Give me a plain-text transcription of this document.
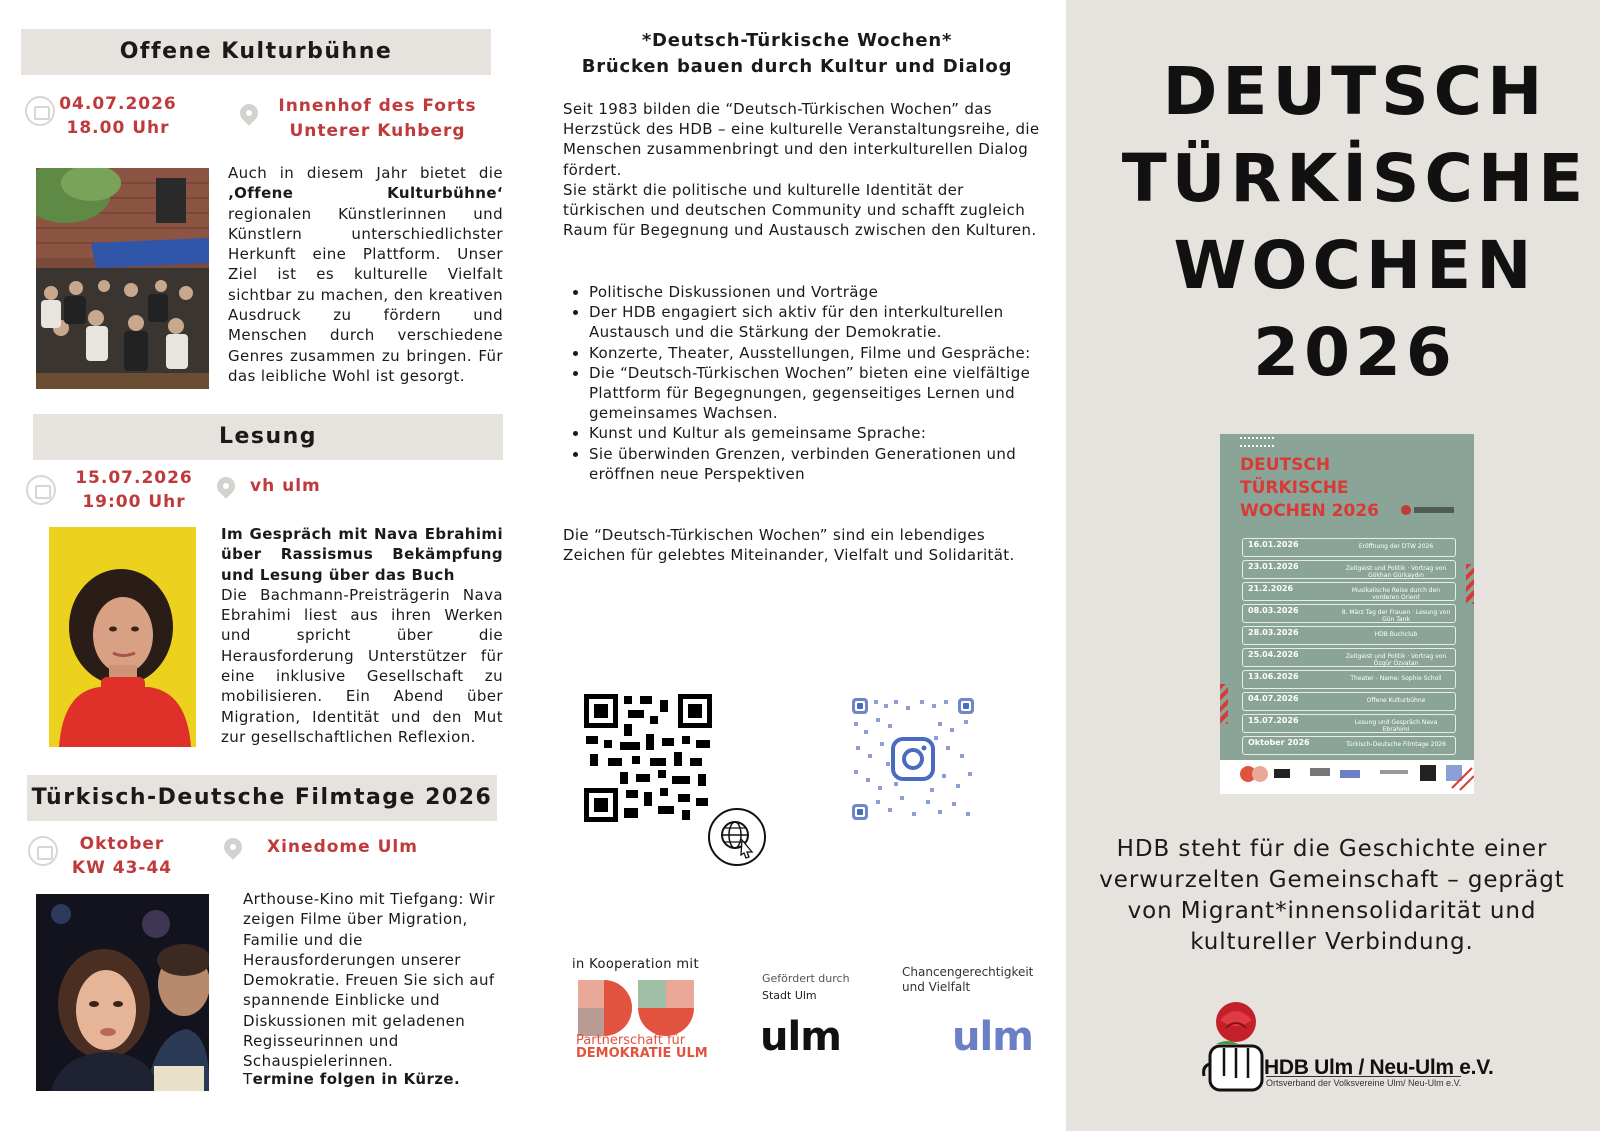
Offene Kulturbühne
04.07.2026
18.00 Uhr
Innenhof des Forts
Unterer Kuhberg
Auch in diesem Jahr bietet die ‚Offene Kulturbühne‘ regionalen Künstlerinnen und Künstlern unterschiedlichster Herkunft eine Plattform. Unser Ziel ist es kulturelle Vielfalt sichtbar zu machen, den kreativen Ausdruck zu fördern und Menschen durch verschiedene Genres zusammen zu bringen. Für das leibliche Wohl ist gesorgt.
Lesung
15.07.2026
19:00 Uhr
vh ulm
Im Gespräch mit Nava Ebrahimi über Rassismus Bekämpfung und Lesung über das Buch
Die Bachmann-Preisträgerin Nava Ebrahimi liest aus ihren Werken und spricht über die Herausforderung Unterstützer für eine inklusive Gesellschaft zu mobilisieren. Ein Abend über Migration, Identität und den Mut zur gesellschaftlichen Reflexion.
Türkisch-Deutsche Filmtage 2026
Oktober
KW 43-44
Xinedome Ulm
Arthouse-Kino mit Tiefgang: Wir zeigen Filme über Migration, Familie und die Herausforderungen unserer Demokratie. Freuen Sie sich auf spannende Einblicke und Diskussionen mit geladenen Regisseurinnen und Schauspielerinnen.
Termine folgen in Kürze.
*Deutsch-Türkische Wochen*
Brücken bauen durch Kultur und Dialog
Seit 1983 bilden die “Deutsch-Türkischen Wochen” das Herzstück des HDB – eine kulturelle Veranstaltungsreihe, die Menschen zusammenbringt und den interkulturellen Dialog fördert.
Sie stärkt die politische und kulturelle Identität der türkischen und deutschen Community und schafft zugleich Raum für Begegnung und Austausch zwischen den Kulturen.
• Politische Diskussionen und Vorträge
• Der HDB engagiert sich aktiv für den interkulturellen Austausch und die Stärkung der Demokratie.
• Konzerte, Theater, Ausstellungen, Filme und Gespräche:
• Die “Deutsch-Türkischen Wochen” bieten eine vielfältige Plattform für Begegnungen, gegenseitiges Lernen und gemeinsames Wachsen.
• Kunst und Kultur als gemeinsame Sprache:
• Sie überwinden Grenzen, verbinden Generationen und eröffnen neue Perspektiven
Die “Deutsch-Türkischen Wochen” sind ein lebendiges Zeichen für gelebtes Miteinander, Vielfalt und Solidarität.
in Kooperation mit
Partnerschaft für
DEMOKRATIE ULM
Gefördert durch
Stadt Ulm
ulm
Chancengerechtigkeit
und Vielfalt
ulm
DEUTSCH
TÜRKİSCHE
WOCHEN
2026
DEUTSCH
TÜRKISCHE
WOCHEN 2026
16.01.2026	Eröffnung der DTW 2026
23.01.2026	Zeitgeist und Politik · Vortrag von Gökhan Gürkaydın
21.2.2026	Musikalische Reise durch den vorderen Orient
08.03.2026	8. März Tag der Frauen · Lesung von Gün Tank
28.03.2026	HDB Buchclub
25.04.2026	Zeitgeist und Politik · Vortrag von Özgür Özvatan
13.06.2026	Theater - Name: Sophie Scholl
04.07.2026	Offene Kulturbühne
15.07.2026	Lesung und Gespräch Nava Ebrahimi
Oktober 2026	Türkisch-Deutsche Filmtage 2026
HDB steht für die Geschichte einer verwurzelten Gemeinschaft – geprägt von Migrant*innensolidarität und kultureller Verbindung.
HDB Ulm / Neu-Ulm e.V.
Ortsverband der Volksvereine Ulm/ Neu-Ulm e.V.
